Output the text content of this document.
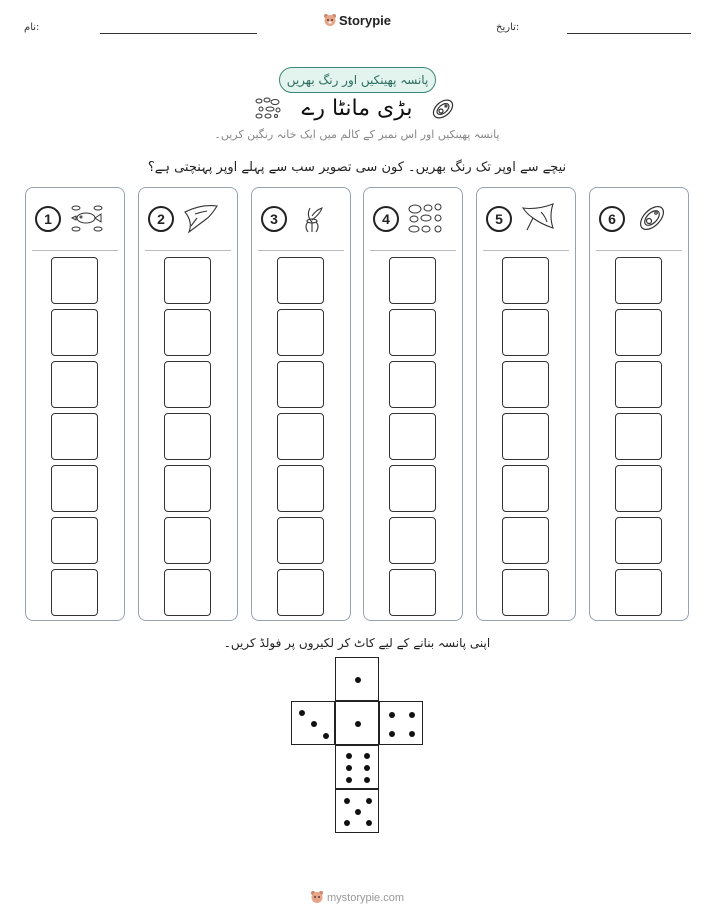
نام:	تاریخ:
Storypie
پانسہ پھینکیں اور رنگ بھریں
بڑی مانٹا رے
پانسہ پھینکیں اور اس نمبر کے کالم میں ایک خانہ رنگین کریں۔
نیچے سے اوپر تک رنگ بھریں۔ کون سی تصویر سب سے پہلے اوپر پہنچتی ہے؟
1	2	3	4	5	6
اپنی پانسہ بنانے کے لیے کاٹ کر لکیروں پر فولڈ کریں۔
mystorypie.com
